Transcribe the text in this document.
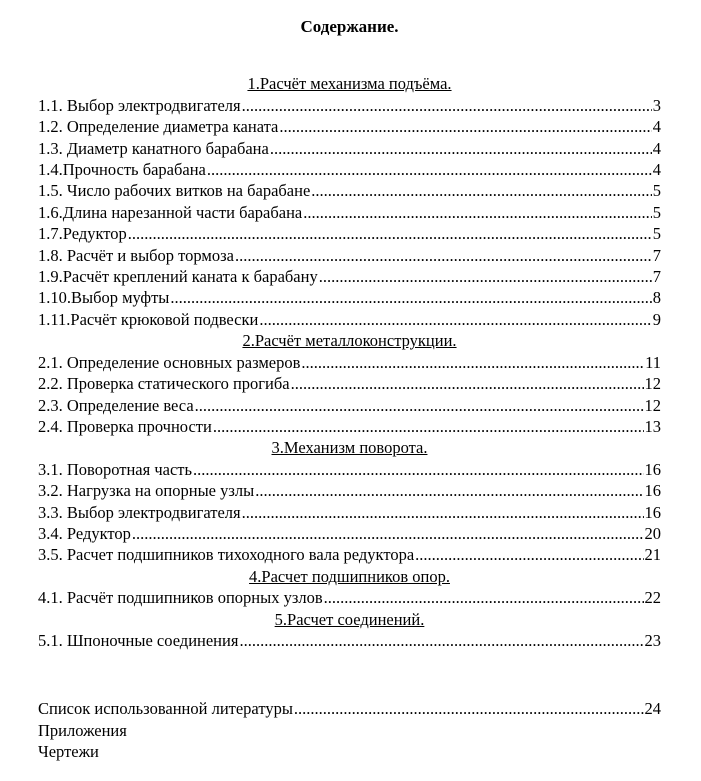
Содержание.
1.Расчёт механизма подъёма.
1.1. Выбор электродвигателя .....	3
1.2. Определение диаметра каната .....	4
1.3. Диаметр канатного барабана .....	4
1.4.Прочность барабана .....	4
1.5. Число рабочих витков на барабане .....	5
1.6.Длина нарезанной части барабана .....	5
1.7.Редуктор .....	5
1.8. Расчёт и выбор тормоза .....	7
1.9.Расчёт креплений каната к барабану .....	7
1.10.Выбор муфты .....	8
1.11.Расчёт крюковой подвески .....	9
2.Расчёт металлоконструкции.
2.1. Определение основных размеров .....	11
2.2. Проверка статического прогиба .....	12
2.3. Определение веса .....	12
2.4. Проверка прочности .....	13
3.Механизм поворота.
3.1. Поворотная часть .....	16
3.2. Нагрузка на опорные узлы .....	16
3.3. Выбор электродвигателя .....	16
3.4. Редуктор .....	20
3.5. Расчет подшипников тихоходного вала редуктора .....	21
4.Расчет подшипников опор.
4.1. Расчёт подшипников опорных узлов .....	22
5.Расчет соединений.
5.1. Шпоночные соединения .....	23
Список использованной литературы .....	24
Приложения
Чертежи
